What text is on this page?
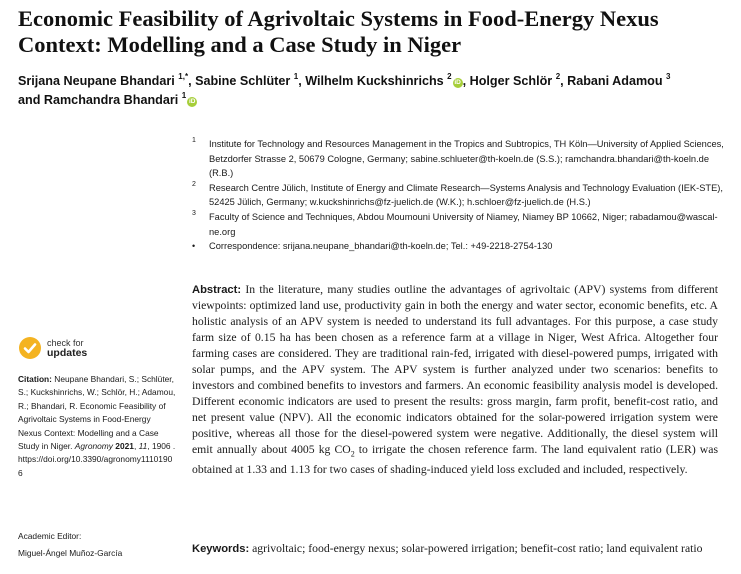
Economic Feasibility of Agrivoltaic Systems in Food-Energy Nexus Context: Modelling and a Case Study in Niger
Srijana Neupane Bhandari $^{1,*}$, Sabine Schlüter $^1$, Wilhelm Kuckshinrichs $^2$iD , Holger Schlör $^2$, Rabani Adamou $^3$
and Ramchandra Bhandari $^1$iD

1 Institute for Technology and Resources Management in the Tropics and Subtropics, TH Köln—University of Applied Sciences, Betzdorfer Strasse 2, 50679 Cologne, Germany; sabine.schlueter@th-koeln.de (S.S.); ramchandra.bhandari@th-koeln.de (R.B.)

2 Research Centre Jülich, Institute of Energy and Climate Research—Systems Analysis and Technology Evaluation (IEK-STE), 52425 Jülich, Germany; w.kuckshinrichs@fz-juelich.de (W.K.); h.schloer@fz-juelich.de (H.S.)

3 Faculty of Science and Techniques, Abdou Moumouni University of Niamey, Niamey BP 10662, Niger; rabadamou@wascal-ne.org

• Correspondence: srijana.neupane_bhandari@th-koeln.de; Tel.: +49-2218-2754-130

check for
updates
Citation: Neupane Bhandari, S.; Schlüter, S.; Kuckshinrichs, W.; Schlör, H.; Adamou, R.; Bhandari, R. Economic Feasibility of Agrivoltaic Systems in Food-Energy Nexus Context: Modelling and a Case Study in Niger. Agronomy 2021, 11, 1906 .
https://doi.org/10.3390/agronomy11101906
Academic Editor:
Miguel-Ángel Muñoz-García

Abstract: In the literature, many studies outline the advantages of agrivoltaic (APV) systems from different viewpoints: optimized land use, productivity gain in both the energy and water sector, economic benefits, etc. A holistic analysis of an APV system is needed to understand its full advantages. For this purpose, a case study farm size of 0.15 ha has been chosen as a reference farm at a village in Niger, West Africa. Altogether four farming cases are considered. They are traditional rain-fed, irrigated with diesel-powered pumps, irrigated with solar pumps, and the APV system. The APV system is further analyzed under two scenarios: benefits to investors and combined benefits to investors and farmers. An economic feasibility analysis model is developed. Different economic indicators are used to present the results: gross margin, farm profit, benefit-cost ratio, and net present value (NPV). All the economic indicators obtained for the solar-powered irrigation system were positive, whereas all those for the diesel-powered system were negative. Additionally, the diesel system will emit annually about 4005 kg $CO_2$ to irrigate the chosen reference farm. The land equivalent ratio (LER) was obtained at 1.33 and 1.13 for two cases of shading-induced yield loss excluded and included, respectively.

Keywords: agrivoltaic; food-energy nexus; solar-powered irrigation; benefit-cost ratio; land equivalent ratio
